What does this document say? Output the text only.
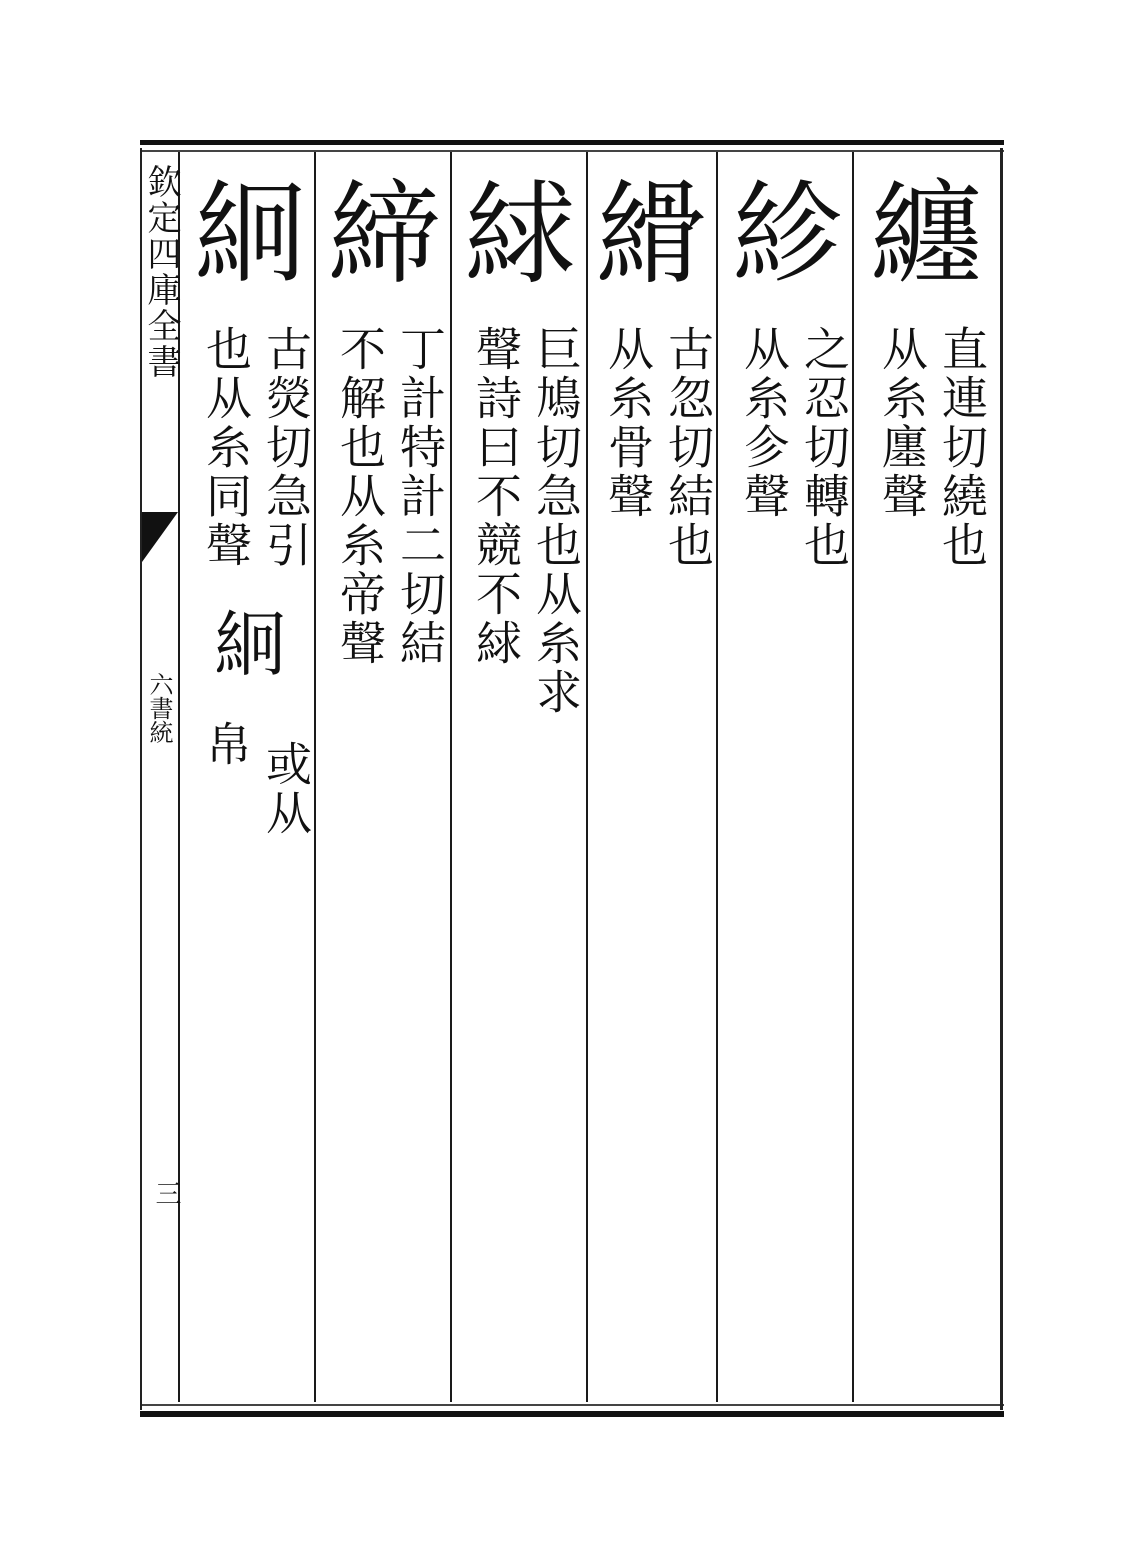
欽定四庫全書
六書統
三
纏
直連切繞也
从糸廛聲
紾
之忍切轉也
从糸㐱聲
縎
古忽切結也
从糸骨聲
絿
巨鳩切急也从糸求
聲詩曰不競不絿
締
丁計特計二切結
不解也从糸帝聲
絅
古熒切急引
也从糸同聲
絅
或从
帛
